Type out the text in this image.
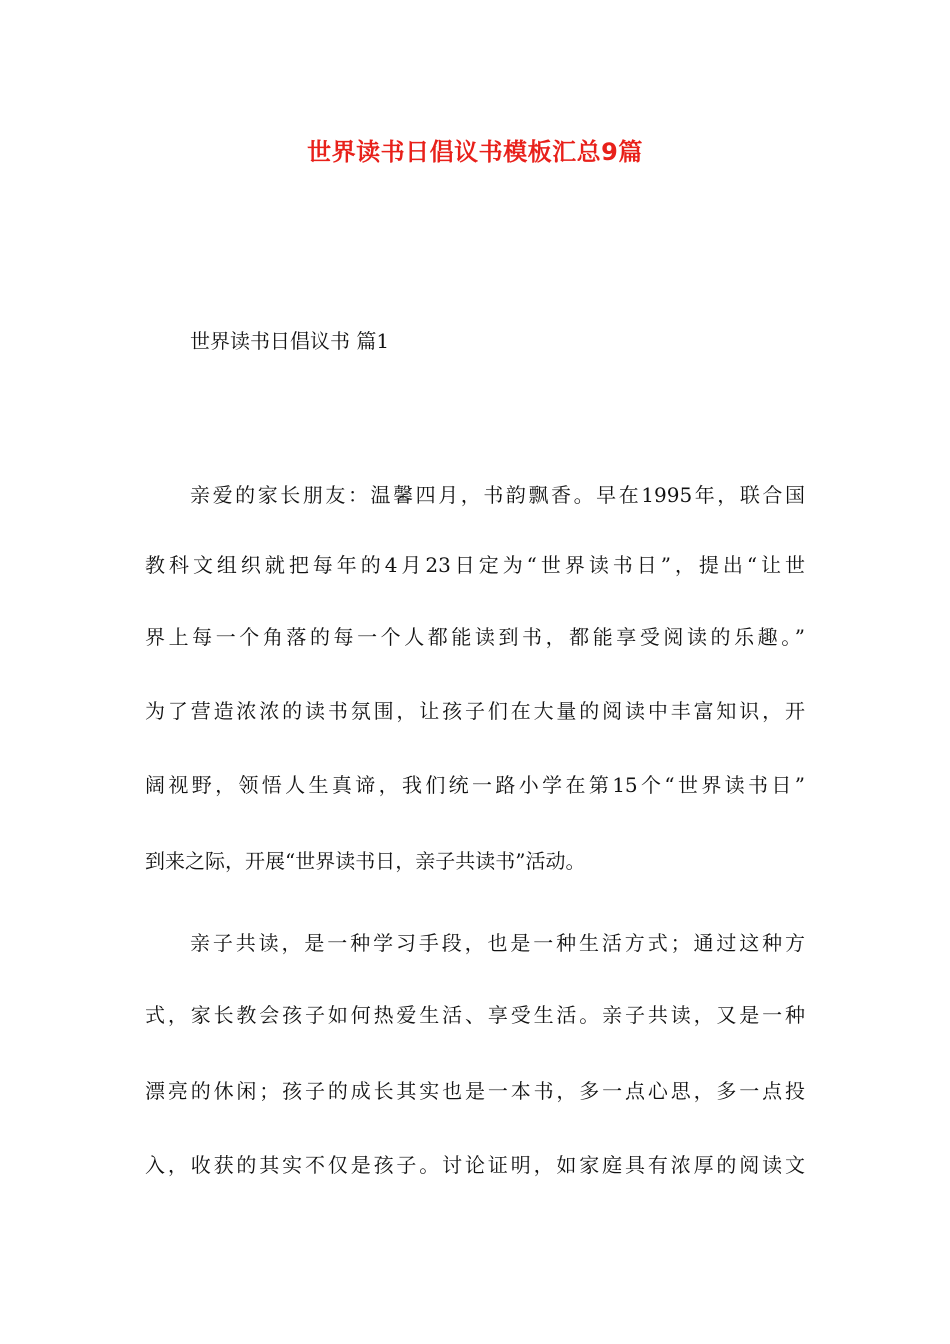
世界读书日倡议书模板汇总9篇
世界读书日倡议书 篇1
亲爱的家长朋友：温馨四月，书韵飘香。早在1995年，联合国
教科文组织就把每年的4月23日定为“世界读书日”，提出“让世
界上每一个角落的每一个人都能读到书，都能享受阅读的乐趣。”
为了营造浓浓的读书氛围，让孩子们在大量的阅读中丰富知识，开
阔视野，领悟人生真谛，我们统一路小学在第15个“世界读书日”
到来之际，开展“世界读书日，亲子共读书”活动。
亲子共读，是一种学习手段，也是一种生活方式；通过这种方
式，家长教会孩子如何热爱生活、享受生活。亲子共读，又是一种
漂亮的休闲；孩子的成长其实也是一本书，多一点心思，多一点投
入，收获的其实不仅是孩子。讨论证明，如家庭具有浓厚的阅读文
